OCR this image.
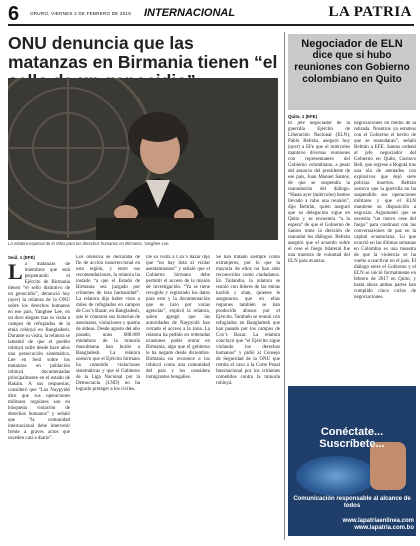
6 ORURO, VIERNES 2 DE FEBRERO DE 2018 INTERNACIONAL	LA PATRIA
ONU denuncia que las matanzas en Birmania tienen “el
La relatora especial de la ONU para los derechos humanos en Birmania, Yanghee Lee.
Seúl, 1 (EFE)
La matanzas de miembros que está perpetrando el Ejército de Birmania tienen “el sello distintivo de un genocidio”, denunció hoy (ayer) la relatora de la ONU sobre los derechos humanos en ese país, Yanghee Lee, en un duro alegato tras su visita a campos de refugiados de la etnia rohinyá en Bangladesh. Durante su visita, la relatora se lamentó de que el pueblo rohinyá sufre desde hace años una persecución sistemática. Lee en Seúl sobre los matanzas en población rohinyá documentadas principalmente en el estado de Rakáin. A sus respuestas, consideró que “Los Naypyidó dice que sus operaciones militares regulares son en búsqueda violación de derechos humanos” y señaló que “la comunidad internacional debe intervenir frente a graves actos que suceden casi a diario”.
Los ofensiva se declaraba de fin de acción insurreccional en esta región, y entre sus recomendaciones, la relatora ha instado “a que el Estado de Birmania sea juzgado por crímenes de lesa humanidad”. La relatora dijo haber visto a miles de refugiados en campos de Cox’s Bazar, en Bangladesh, que le contaron sus historias de asesinatos, violaciones y quema de aldeas. Desde agosto del año pasado, unos 688.000 miembros de la minoría musulmana han huido a Bangladesh. La relatora sostuvo que el Ejército birmano ha cometido violaciones sistemáticas y que el Gobierno de la Liga Nacional por la Democracia (LND) no ha logrado proteger a los civiles.
De su visita a Cox’s bazar dijo que “no hay lista al visitar asentamientos” y señaló que el Gobierno birmano debe permitir el acceso de la misión de investigación. “Ya se tiene recogido y registrado los datos para esto y la documentación que se hizo por varias agencias”, explicó la relatora, quien agregó que las autoridades de Naypyidó han cerrado el acceso a la zona. La relatora ha pedido en reiteradas ocasiones poder entrar en Birmania, algo que el gobierno le ha negado desde diciembre. Birmania no reconoce a los rohinyá como una comunidad del país y los considera inmigrantes bengalíes.
Se han tratado siempre como extranjeros, por lo que la mayoría de ellos no han sido reconocidos como ciudadanos. En Tailandia, la relatora se reunió con líderes de las etnias kachín y shan, quienes le aseguraron que en ellas regiones también se han producido abusos por el Ejército. También se reunió con refugiados en Bangladesh que han pasado por los campos de Cox’s Bazar. La relatora concluyó que “el Ejército sigue violando los derechos humanos” y pidió al Consejo de Seguridad de la ONU que remita el caso a la Corte Penal Internacional por los crímenes cometidos contra la minoría rohinyá.
Negociador de ELN
dice que si hubo reuniones con Gobierno colombiano en Quito
Quito, 1 (EFE)
El jefe negociador de la guerrilla Ejército de Liberación Nacional (ELN), Pablo Beltrán, aseguró hoy (ayer) a EFe que el miércoles mantuvo diversas reuniones con representantes del Gobierno colombiano, a pesar del anuncio del presidente de ese país, Juan Manuel Santos, de que se suspendía la reanudación del diálogo. “Hasta ayer (miércoles) hemos llevado a cabo una reunión”, dijo Beltrán, quien aseguró que su delegación sigue en Quito y se encuentra “a la espera” de que el Gobierno de Santos tome la decisión de reanudar los diálogos. Beltrán aseguró que el acuerdo sobre el cese el fuego bilateral fue una muestra de voluntad del ELN para avanzar.
negociaciones en medio de la retirada. Nosotros ya estamos con el Gobierno el hecho de que se reanudaran”, señaló Beltrán a EFE. Santos ordenó al jefe negociador del Gobierno en Quito, Gustavo Bell, que regrese a Bogotá tras una ola de atentados con explosivos que dejó siete policías muertos. Beltrán sostuvo que la guerrilla no ha suspendido sus operaciones militares y que el ELN mantiene su disposición a negociar. Argumentó que se necesita “un nuevo cese del fuego” para continuar con las conversaciones de paz en la capital ecuatoriana. Lo que ocurrió en las últimas semanas en Colombia es una muestra de que la violencia se ha vuelto a reactivar en el país. El diálogo entre el Gobierno y el ELN se inició formalmente en febrero de 2017 en Quito, y hasta ahora ambas partes han cumplido cinco ciclos de negociaciones.
Conéctate...
Suscríbete...
Comunicación responsable al alcance de todos
www.lapatriaenlinea.com
www.lapatria.com.bo
